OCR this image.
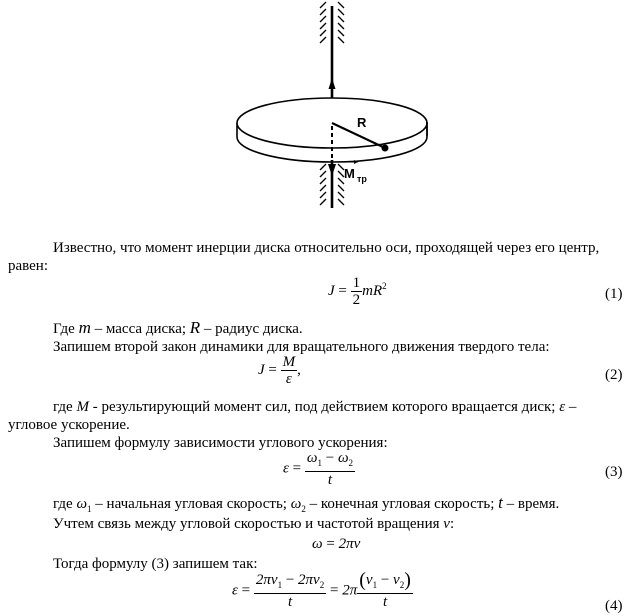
R
M тр
Известно, что момент инерции диска относительно оси, проходящей через его центр,
равен:
$J = \frac{1}{2} mR^2$
(1)
Где m – масса диска; R – радиус диска.
Запишем второй закон динамики для вращательного движения твердого тела:
$J = \frac{M}{\varepsilon}$ ,	(2)
где M - результирующий момент сил, под действием которого вращается диск; ε –
угловое ускорение.
Запишем формулу зависимости углового ускорения:
$\varepsilon = \frac{\omega_1 - \omega_2}{t}$	(3)
где $\omega_1$ – начальная угловая скорость; $\omega_2$ – конечная угловая скорость; t – время.
Учтем связь между угловой скоростью и частотой вращения ν:
ω = 2πν
Тогда формулу (3) запишем так:
$\varepsilon = \frac{2\pi\nu_1 - 2\pi\nu_2}{t} = 2\pi \frac{(\nu_1 - \nu_2)}{t}$	(4)
